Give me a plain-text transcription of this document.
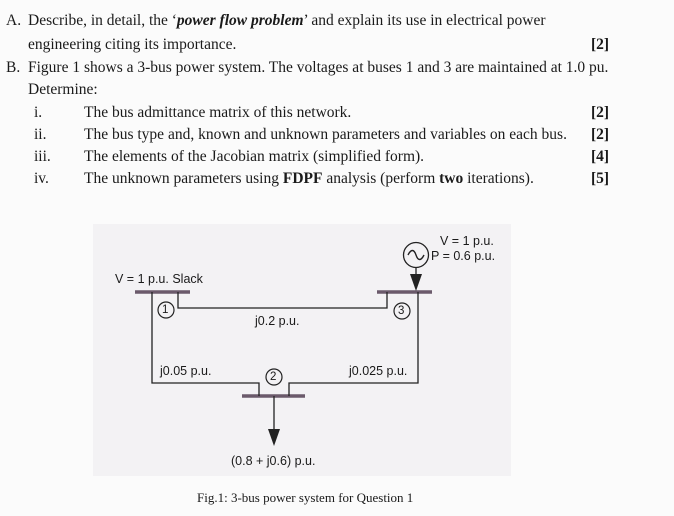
A. Describe, in detail, the ‘power flow problem’ and explain its use in electrical power
engineering citing its importance.	[2]
B. Figure 1 shows a 3-bus power system. The voltages at buses 1 and 3 are maintained at 1.0 pu.
Determine:
i.	The bus admittance matrix of this network.	[2]
ii. The bus type and, known and unknown parameters and variables on each bus. [2]
iii. The elements of the Jacobian matrix (simplified form).	[4]
iv. The unknown parameters using FDPF analysis (perform two iterations).	[5]
1	3
2
V = 1 p.u. Slack
V = 1 p.u.
P = 0.6 p.u.
j0.2 p.u.
j0.05 p.u.	j0.025 p.u.
(0.8 + j0.6) p.u.
Fig.1: 3-bus power system for Question 1
